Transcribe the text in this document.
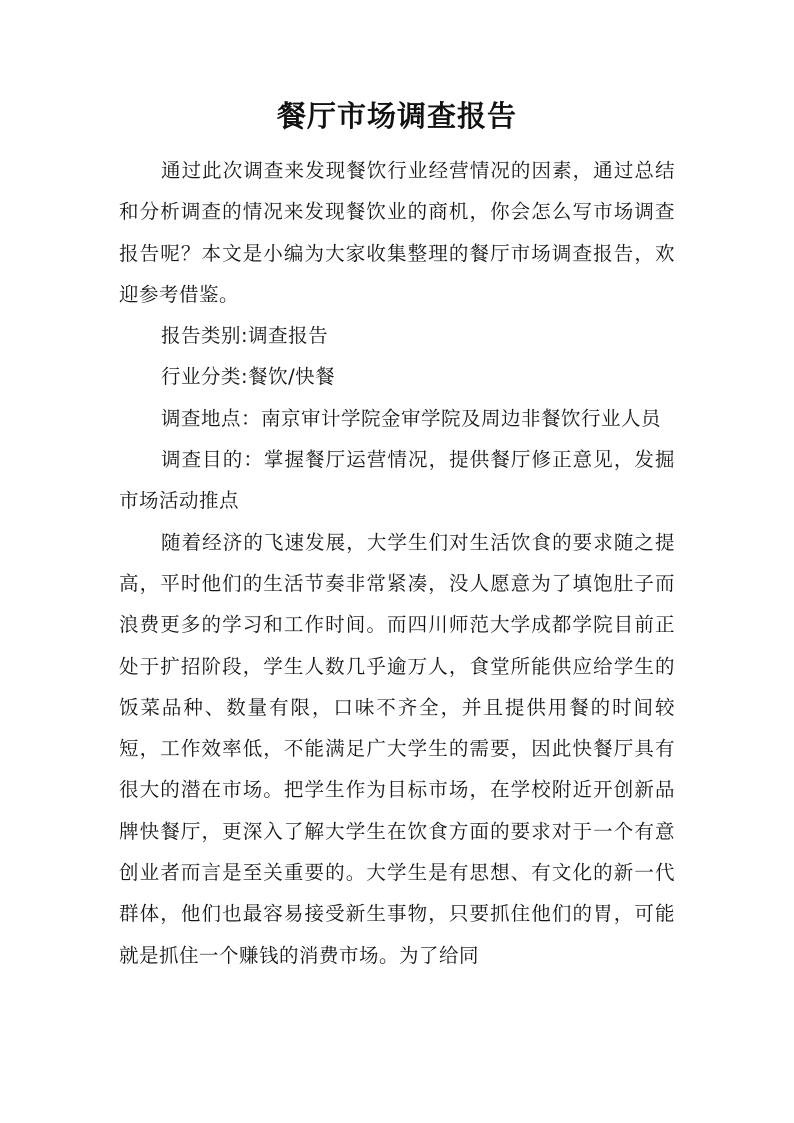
餐厅市场调查报告

通过此次调查来发现餐饮行业经营情况的因素，通过总结和分析调查的情况来发现餐饮业的商机，你会怎么写市场调查报告呢？本文是小编为大家收集整理的餐厅市场调查报告，欢迎参考借鉴。

报告类别:调查报告

行业分类:餐饮/快餐

调查地点：南京审计学院金审学院及周边非餐饮行业人员

调查目的：掌握餐厅运营情况，提供餐厅修正意见，发掘市场活动推点

随着经济的飞速发展，大学生们对生活饮食的要求随之提高，平时他们的生活节奏非常紧凑，没人愿意为了填饱肚子而浪费更多的学习和工作时间。而四川师范大学成都学院目前正处于扩招阶段，学生人数几乎逾万人，食堂所能供应给学生的饭菜品种、数量有限，口味不齐全，并且提供用餐的时间较短，工作效率低，不能满足广大学生的需要，因此快餐厅具有很大的潜在市场。把学生作为目标市场，在学校附近开创新品牌快餐厅，更深入了解大学生在饮食方面的要求对于一个有意创业者而言是至关重要的。大学生是有思想、有文化的新一代群体，他们也最容易接受新生事物，只要抓住他们的胃，可能就是抓住一个赚钱的消费市场。为了给同
